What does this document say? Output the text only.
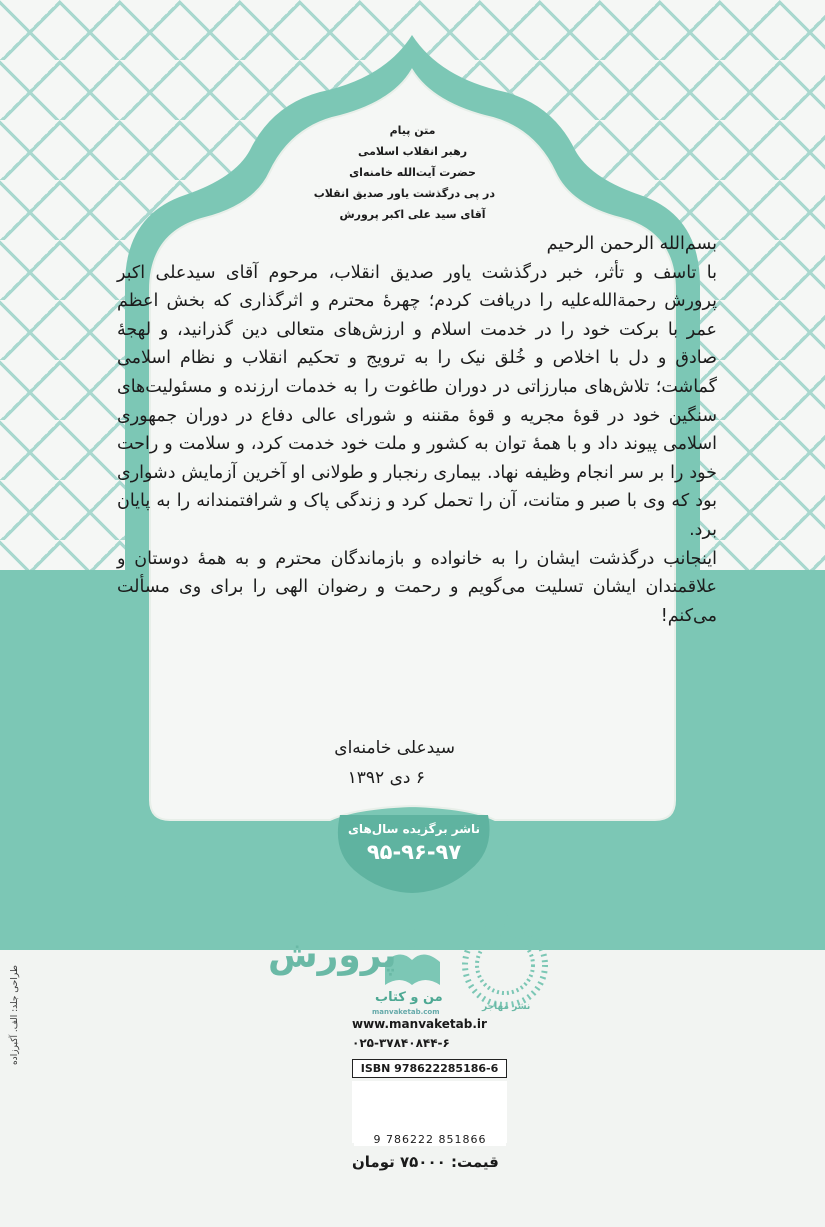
متن پیام
رهبر انقلاب اسلامی
حضرت آیت‌الله خامنه‌ای
در پی درگذشت یاور صدیق انقلاب
آقای سید علی اکبر پرورش

بسم‌الله الرحمن الرحیم

با تاسف و تأثر، خبر درگذشت یاور صدیق انقلاب، مرحوم آقای سیدعلی اکبر پرورش رحمة‌الله‌علیه را دریافت کردم؛ چهرهٔ محترم و اثرگذاری که بخش اعظم عمر با برکت خود را در خدمت اسلام و ارزش‌های متعالی دین گذرانید، و لهجهٔ صادق و دل با اخلاص و خُلق نیک را به ترویج و تحکیم انقلاب و نظام اسلامی گماشت؛ تلاش‌های مبارزاتی در دوران طاغوت را به خدمات ارزنده و مسئولیت‌های سنگین خود در قوهٔ مجریه و قوهٔ مقننه و شورای عالی دفاع در دوران جمهوری اسلامی پیوند داد و با همهٔ توان به کشور و ملت خود خدمت کرد، و سلامت و راحت خود را بر سر انجام وظیفه نهاد. بیماری رنجبار و طولانی او آخرین آزمایش دشواری بود که وی با صبر و متانت، آن را تحمل کرد و زندگی پاک و شرافتمندانه را به پایان برد.

اینجانب درگذشت ایشان را به خانواده و بازماندگان محترم و به همهٔ دوستان و علاقمندان ایشان تسلیت می‌گویم و رحمت و رضوان الهی را برای وی مسألت می‌کنم!

سیدعلی خامنه‌ای
۶ دی ۱۳۹۲
ناشر برگزیده سال‌های
۹۵-۹۶-۹۷
پرورش
من و کتاب
manvaketab.com	نشر مهاجر
www.manvaketab.ir
۰۲۵-۳۷۸۴۰۸۴۴-۶
ISBN 978622285186-6
9 786222 851866
قیمت: ۷۵۰۰۰ تومان
طراحی جلد: الف. آکبرزاده
